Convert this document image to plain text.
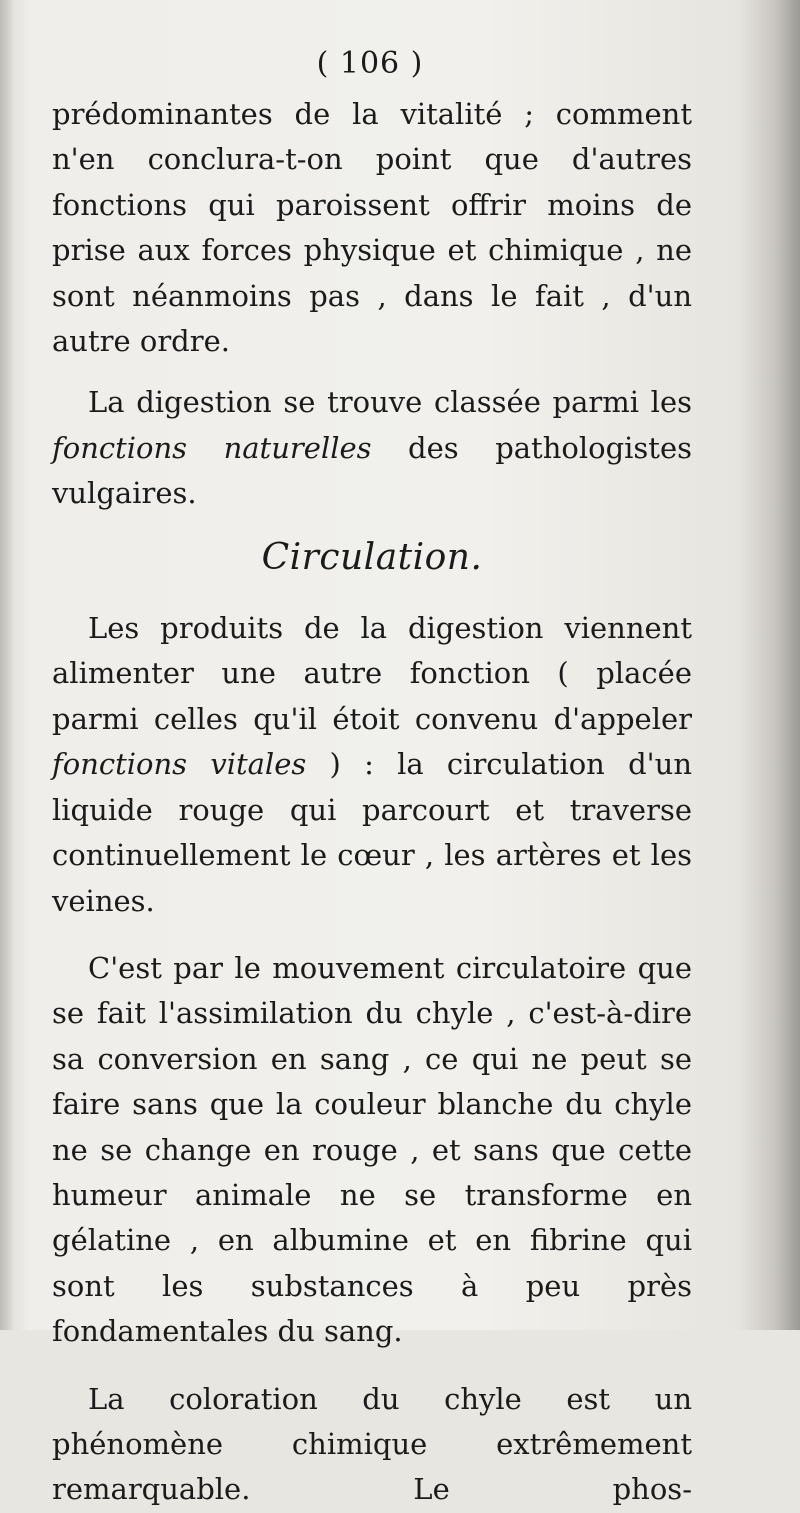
( 106 )

prédominantes de la vitalité ; comment n'en conclura-t-on point que d'autres fonctions qui paroissent offrir moins de prise aux forces physique et chimique , ne sont néanmoins pas , dans le fait , d'un autre ordre.

La digestion se trouve classée parmi les fonctions naturelles des pathologistes vulgaires.

Circulation.

Les produits de la digestion viennent alimenter une autre fonction ( placée parmi celles qu'il étoit convenu d'appeler fonctions vitales ) : la circulation d'un liquide rouge qui parcourt et traverse continuellement le cœur , les artères et les veines.

C'est par le mouvement circulatoire que se fait l'assimilation du chyle , c'est-à-dire sa conversion en sang , ce qui ne peut se faire sans que la couleur blanche du chyle ne se change en rouge , et sans que cette humeur animale ne se transforme en gélatine , en albumine et en fibrine qui sont les substances à peu près fondamentales du sang.

La coloration du chyle est un phénomène chimique extrêmement remarquable. Le phos-
